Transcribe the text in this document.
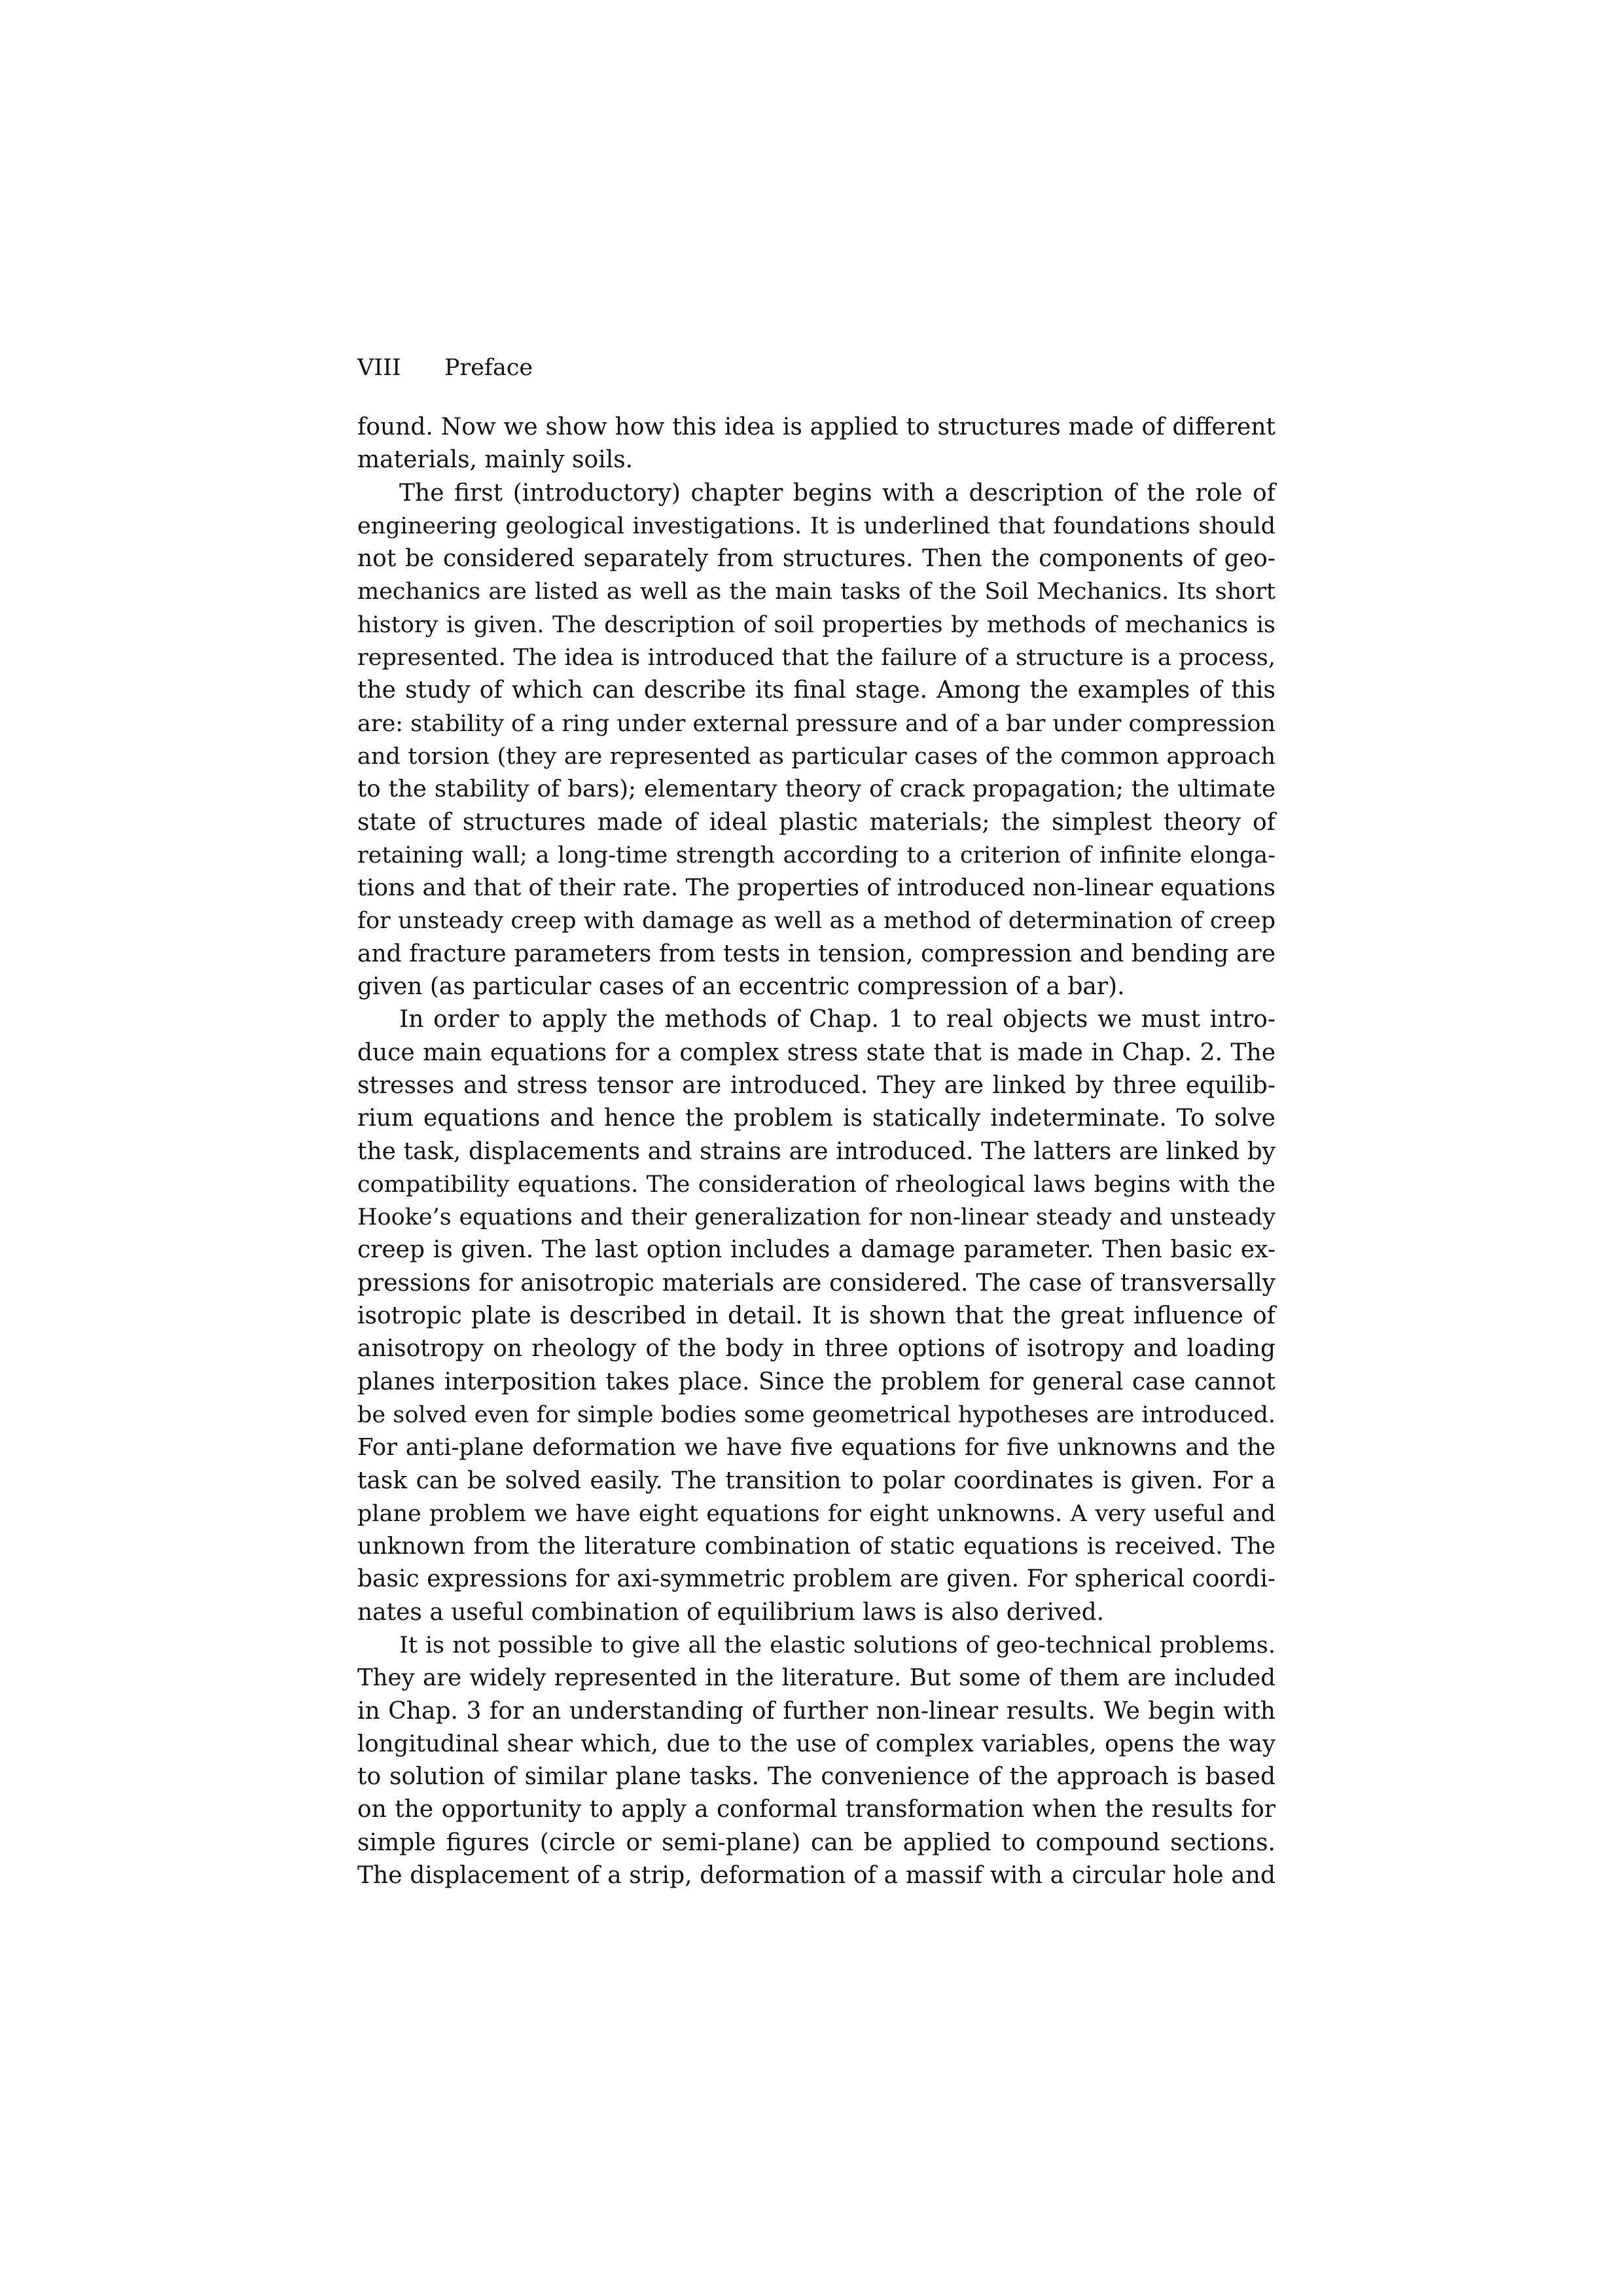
VIII Preface
found. Now we show how this idea is applied to structures made of different
materials, mainly soils.
The first (introductory) chapter begins with a description of the role of
engineering geological investigations. It is underlined that foundations should
not be considered separately from structures. Then the components of geo-
mechanics are listed as well as the main tasks of the Soil Mechanics. Its short
history is given. The description of soil properties by methods of mechanics is
represented. The idea is introduced that the failure of a structure is a process,
the study of which can describe its final stage. Among the examples of this
are: stability of a ring under external pressure and of a bar under compression
and torsion (they are represented as particular cases of the common approach
to the stability of bars); elementary theory of crack propagation; the ultimate
state of structures made of ideal plastic materials; the simplest theory of
retaining wall; a long-time strength according to a criterion of infinite elonga-
tions and that of their rate. The properties of introduced non-linear equations
for unsteady creep with damage as well as a method of determination of creep
and fracture parameters from tests in tension, compression and bending are
given (as particular cases of an eccentric compression of a bar).
In order to apply the methods of Chap. 1 to real objects we must intro-
duce main equations for a complex stress state that is made in Chap. 2. The
stresses and stress tensor are introduced. They are linked by three equilib-
rium equations and hence the problem is statically indeterminate. To solve
the task, displacements and strains are introduced. The latters are linked by
compatibility equations. The consideration of rheological laws begins with the
Hooke’s equations and their generalization for non-linear steady and unsteady
creep is given. The last option includes a damage parameter. Then basic ex-
pressions for anisotropic materials are considered. The case of transversally
isotropic plate is described in detail. It is shown that the great influence of
anisotropy on rheology of the body in three options of isotropy and loading
planes interposition takes place. Since the problem for general case cannot
be solved even for simple bodies some geometrical hypotheses are introduced.
For anti-plane deformation we have five equations for five unknowns and the
task can be solved easily. The transition to polar coordinates is given. For a
plane problem we have eight equations for eight unknowns. A very useful and
unknown from the literature combination of static equations is received. The
basic expressions for axi-symmetric problem are given. For spherical coordi-
nates a useful combination of equilibrium laws is also derived.
It is not possible to give all the elastic solutions of geo-technical problems.
They are widely represented in the literature. But some of them are included
in Chap. 3 for an understanding of further non-linear results. We begin with
longitudinal shear which, due to the use of complex variables, opens the way
to solution of similar plane tasks. The convenience of the approach is based
on the opportunity to apply a conformal transformation when the results for
simple figures (circle or semi-plane) can be applied to compound sections.
The displacement of a strip, deformation of a massif with a circular hole and
